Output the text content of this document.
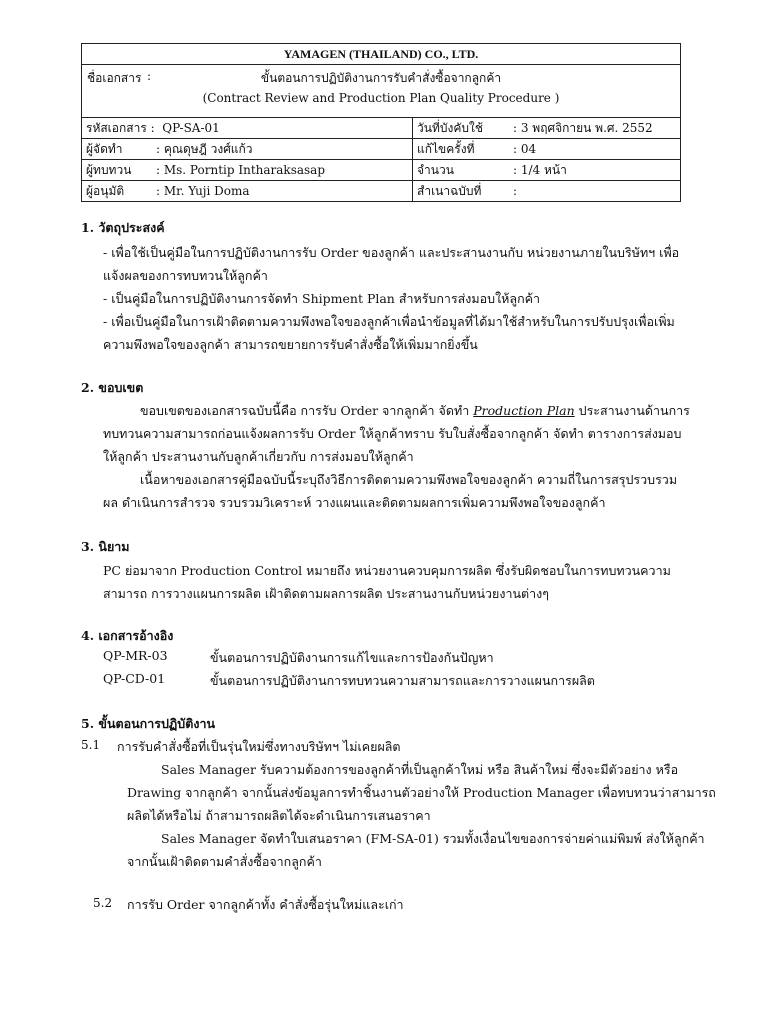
YAMAGEN (THAILAND) CO., LTD.	

ชื่อเอกสาร : ขั้นตอนการปฏิบัติงานการรับคำสั่งซื้อจากลูกค้า
(Contract Review and Production Plan Quality Procedure )	

รหัสเอกสาร : QP-SA-01	วันที่บังคับใช้ : 3 พฤศจิกายน พ.ศ. 2552
ผู้จัดทำ : คุณดุษฎี วงศ์แก้ว	แก้ไขครั้งที่ : 04
ผู้ทบทวน : Ms. Porntip Intharaksasap	จำนวน : 1/4 หน้า
ผู้อนุมัติ : Mr. Yuji Doma	สำเนาฉบับที่ :
1. วัตถุประสงค์
- เพื่อใช้เป็นคู่มือในการปฏิบัติงานการรับ Order ของลูกค้า และประสานงานกับ หน่วยงานภายในบริษัทฯ เพื่อ
แจ้งผลของการทบทวนให้ลูกค้า
- เป็นคู่มือในการปฏิบัติงานการจัดทำ Shipment Plan สำหรับการส่งมอบให้ลูกค้า
- เพื่อเป็นคู่มือในการเฝ้าติดตามความพึงพอใจของลูกค้าเพื่อนำข้อมูลที่ได้มาใช้สำหรับในการปรับปรุงเพื่อเพิ่ม
ความพึงพอใจของลูกค้า สามารถขยายการรับคำสั่งซื้อให้เพิ่มมากยิ่งขึ้น
2. ขอบเขต
ขอบเขตของเอกสารฉบับนี้คือ การรับ Order จากลูกค้า จัดทำ Production Plan ประสานงานด้านการ
ทบทวนความสามารถก่อนแจ้งผลการรับ Order ให้ลูกค้าทราบ รับใบสั่งซื้อจากลูกค้า จัดทำ ตารางการส่งมอบ
ให้ลูกค้า ประสานงานกับลูกค้าเกี่ยวกับ การส่งมอบให้ลูกค้า
เนื้อหาของเอกสารคู่มือฉบับนี้ระบุถึงวิธีการติดตามความพึงพอใจของลูกค้า ความถี่ในการสรุปรวบรวม
ผล ดำเนินการสำรวจ รวบรวมวิเคราะห์ วางแผนและติดตามผลการเพิ่มความพึงพอใจของลูกค้า
3. นิยาม
PC ย่อมาจาก Production Control หมายถึง หน่วยงานควบคุมการผลิต ซึ่งรับผิดชอบในการทบทวนความ
สามารถ การวางแผนการผลิต เฝ้าติดตามผลการผลิต ประสานงานกับหน่วยงานต่างๆ
4. เอกสารอ้างอิง
QP-MR-03	ขั้นตอนการปฏิบัติงานการแก้ไขและการป้องกันปัญหา
QP-CD-01	ขั้นตอนการปฏิบัติงานการทบทวนความสามารถและการวางแผนการผลิต
5. ขั้นตอนการปฏิบัติงาน
5.1 การรับคำสั่งซื้อที่เป็นรุ่นใหม่ซึ่งทางบริษัทฯ ไม่เคยผลิต
Sales Manager รับความต้องการของลูกค้าที่เป็นลูกค้าใหม่ หรือ สินค้าใหม่ ซึ่งจะมีตัวอย่าง หรือ
Drawing จากลูกค้า จากนั้นส่งข้อมูลการทำชิ้นงานตัวอย่างให้ Production Manager เพื่อทบทวนว่าสามารถ
ผลิตได้หรือไม่ ถ้าสามารถผลิตได้จะดำเนินการเสนอราคา
Sales Manager จัดทำใบเสนอราคา (FM-SA-01) รวมทั้งเงื่อนไขของการจ่ายค่าแม่พิมพ์ ส่งให้ลูกค้า
จากนั้นเฝ้าติดตามคำสั่งซื้อจากลูกค้า
5.2 การรับ Order จากลูกค้าทั้ง คำสั่งซื้อรุ่นใหม่และเก่า
